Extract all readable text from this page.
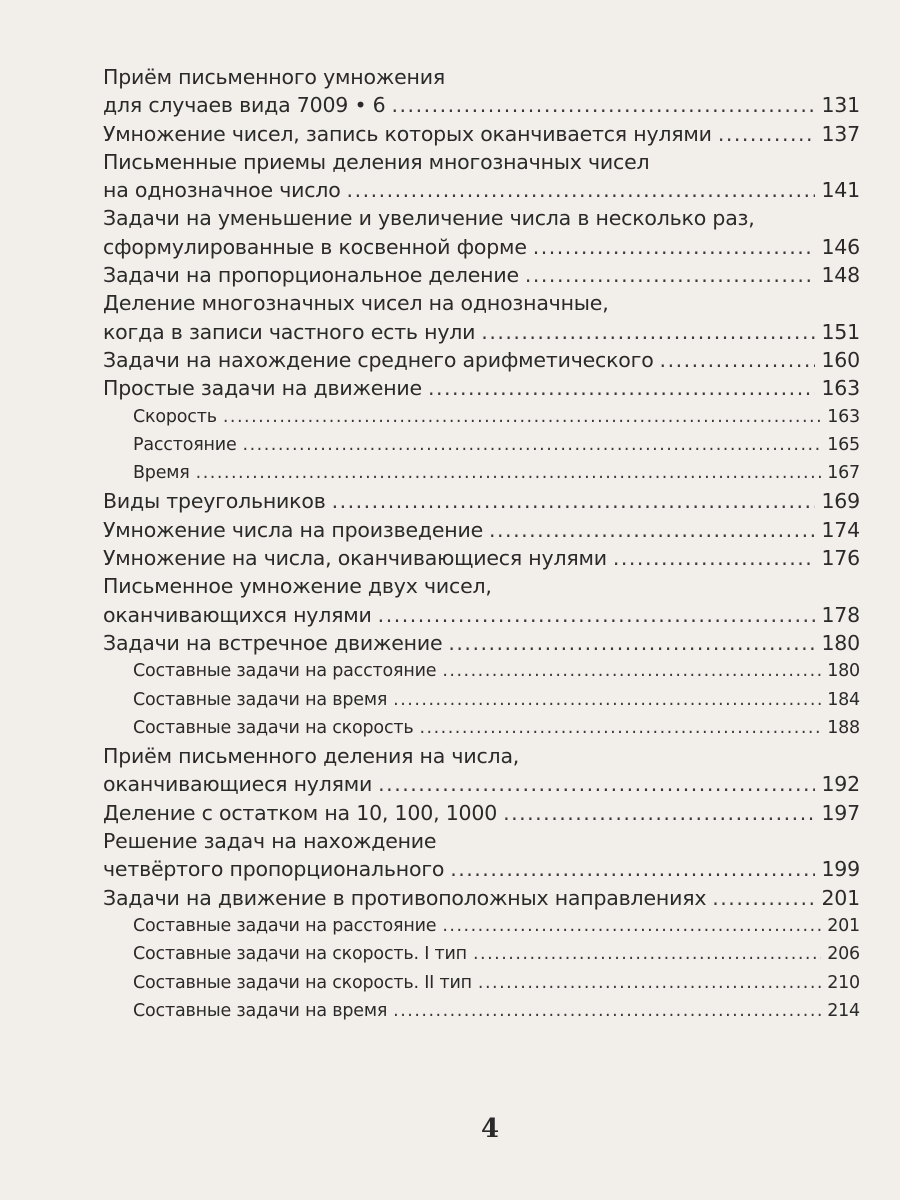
Приём письменного умножения
для случаев вида 7009 • 6 .....	131
Умножение чисел, запись которых оканчивается нулями .....	137
Письменные приемы деления многозначных чисел
на однозначное число .....	141
Задачи на уменьшение и увеличение числа в несколько раз,
сформулированные в косвенной форме .....	146
Задачи на пропорциональное деление .....	148
Деление многозначных чисел на однозначные,
когда в записи частного есть нули .....	151
Задачи на нахождение среднего арифметического .....	160
Простые задачи на движение .....	163
Скорость .....	163
Расстояние .....	165
Время .....	167
Виды треугольников .....	169
Умножение числа на произведение .....	174
Умножение на числа, оканчивающиеся нулями .....	176
Письменное умножение двух чисел,
оканчивающихся нулями .....	178
Задачи на встречное движение .....	180
Составные задачи на расстояние .....	180
Составные задачи на время .....	184
Составные задачи на скорость .....	188
Приём письменного деления на числа,
оканчивающиеся нулями .....	192
Деление с остатком на 10, 100, 1000 .....	197
Решение задач на нахождение
четвёртого пропорционального .....	199
Задачи на движение в противоположных направлениях .....	201
Составные задачи на расстояние .....	201
Составные задачи на скорость. I тип .....	206
Составные задачи на скорость. II тип .....	210
Составные задачи на время .....	214
4
